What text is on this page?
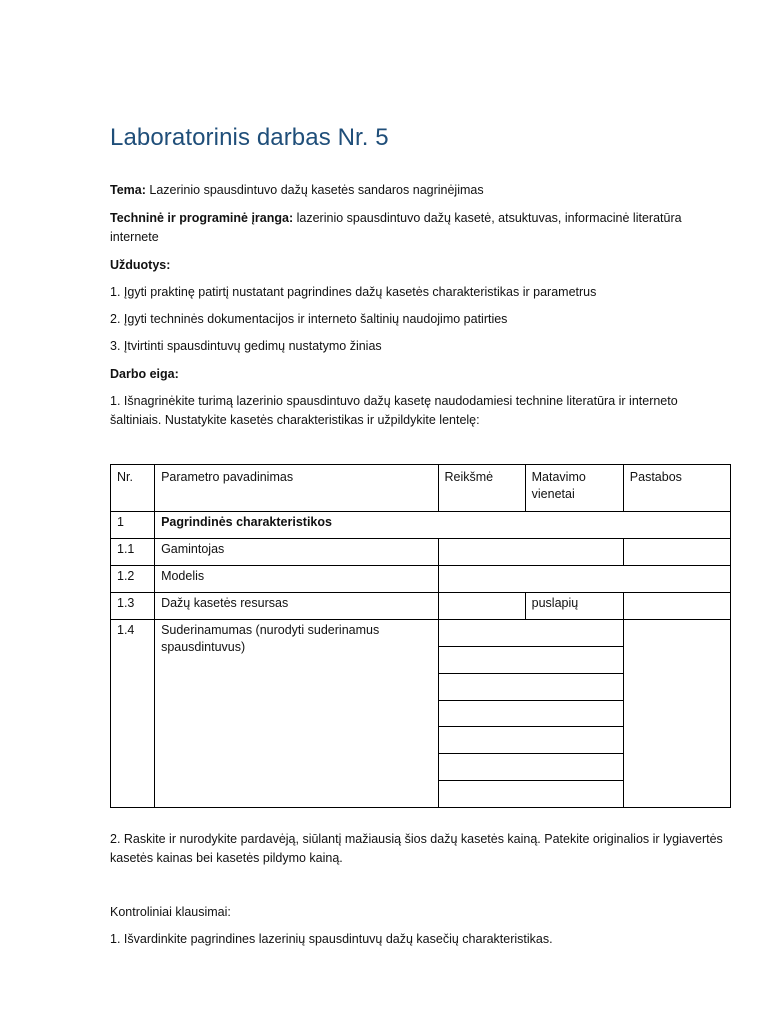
Laboratorinis darbas Nr. 5
Tema: Lazerinio spausdintuvo dažų kasetės sandaros nagrinėjimas
Techninė ir programinė įranga: lazerinio spausdintuvo dažų kasetė, atsuktuvas, informacinė literatūra internete
Užduotys:
1. Įgyti praktinę patirtį nustatant pagrindines dažų kasetės charakteristikas ir parametrus
2. Įgyti techninės dokumentacijos ir interneto šaltinių naudojimo patirties
3. Įtvirtinti spausdintuvų gedimų nustatymo žinias
Darbo eiga:
1. Išnagrinėkite turimą lazerinio spausdintuvo dažų kasetę naudodamiesi technine literatūra ir interneto šaltiniais. Nustatykite kasetės charakteristikas ir užpildykite lentelę:
Nr.	Parametro pavadinimas	Reikšmė	Matavimo vienetai	Pastabos
1	Pagrindinės charakteristikos			
1.1	Gamintojas			
1.2	Modelis			
1.3	Dažų kasetės resursas		puslapių	
1.4	Suderinamumas (nurodyti suderinamus spausdintuvus)		

2. Raskite ir nurodykite pardavėją, siūlantį mažiausią šios dažų kasetės kainą. Patekite originalios ir lygiavertės kasetės kainas bei kasetės pildymo kainą.
Kontroliniai klausimai:
1. Išvardinkite pagrindines lazerinių spausdintuvų dažų kasečių charakteristikas.
